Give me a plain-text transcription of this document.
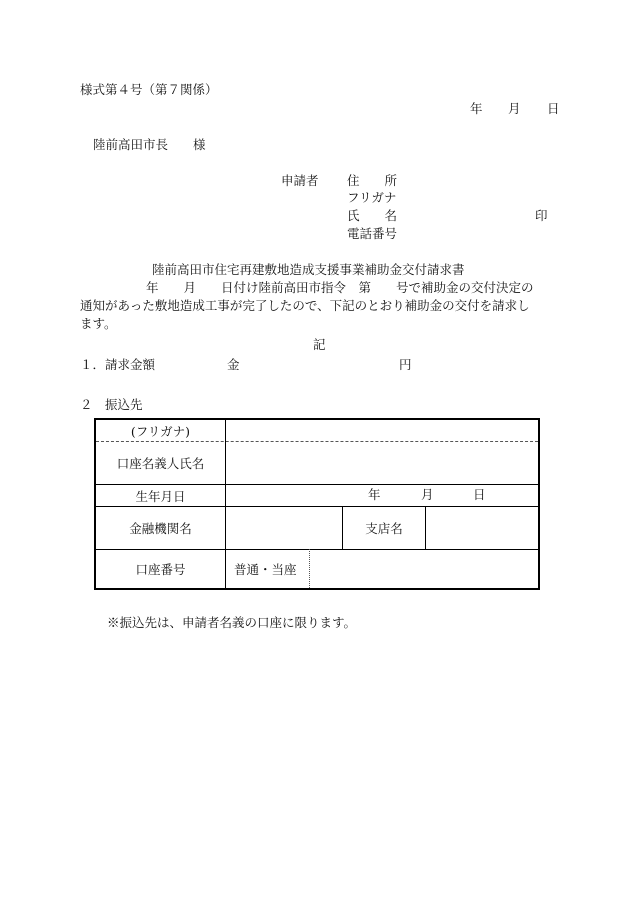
様式第４号（第７関係）
年 月 日
陸前高田市長　　様
申請者 住　　所
フリガナ
氏　　名	印
電話番号
陸前高田市住宅再建敷地造成支援事業補助金交付請求書
年　　月　　日付け陸前高田市指令　第　　号で補助金の交付決定の
通知があった敷地造成工事が完了したので、下記のとおり補助金の交付を請求し
ます。
記
１．請求金額	金	円
２　振込先
(フリガナ)
口座名義人氏名
生年月日	年	月	日
金融機関名	支店名
口座番号	普通・当座
※振込先は、申請者名義の口座に限ります。
